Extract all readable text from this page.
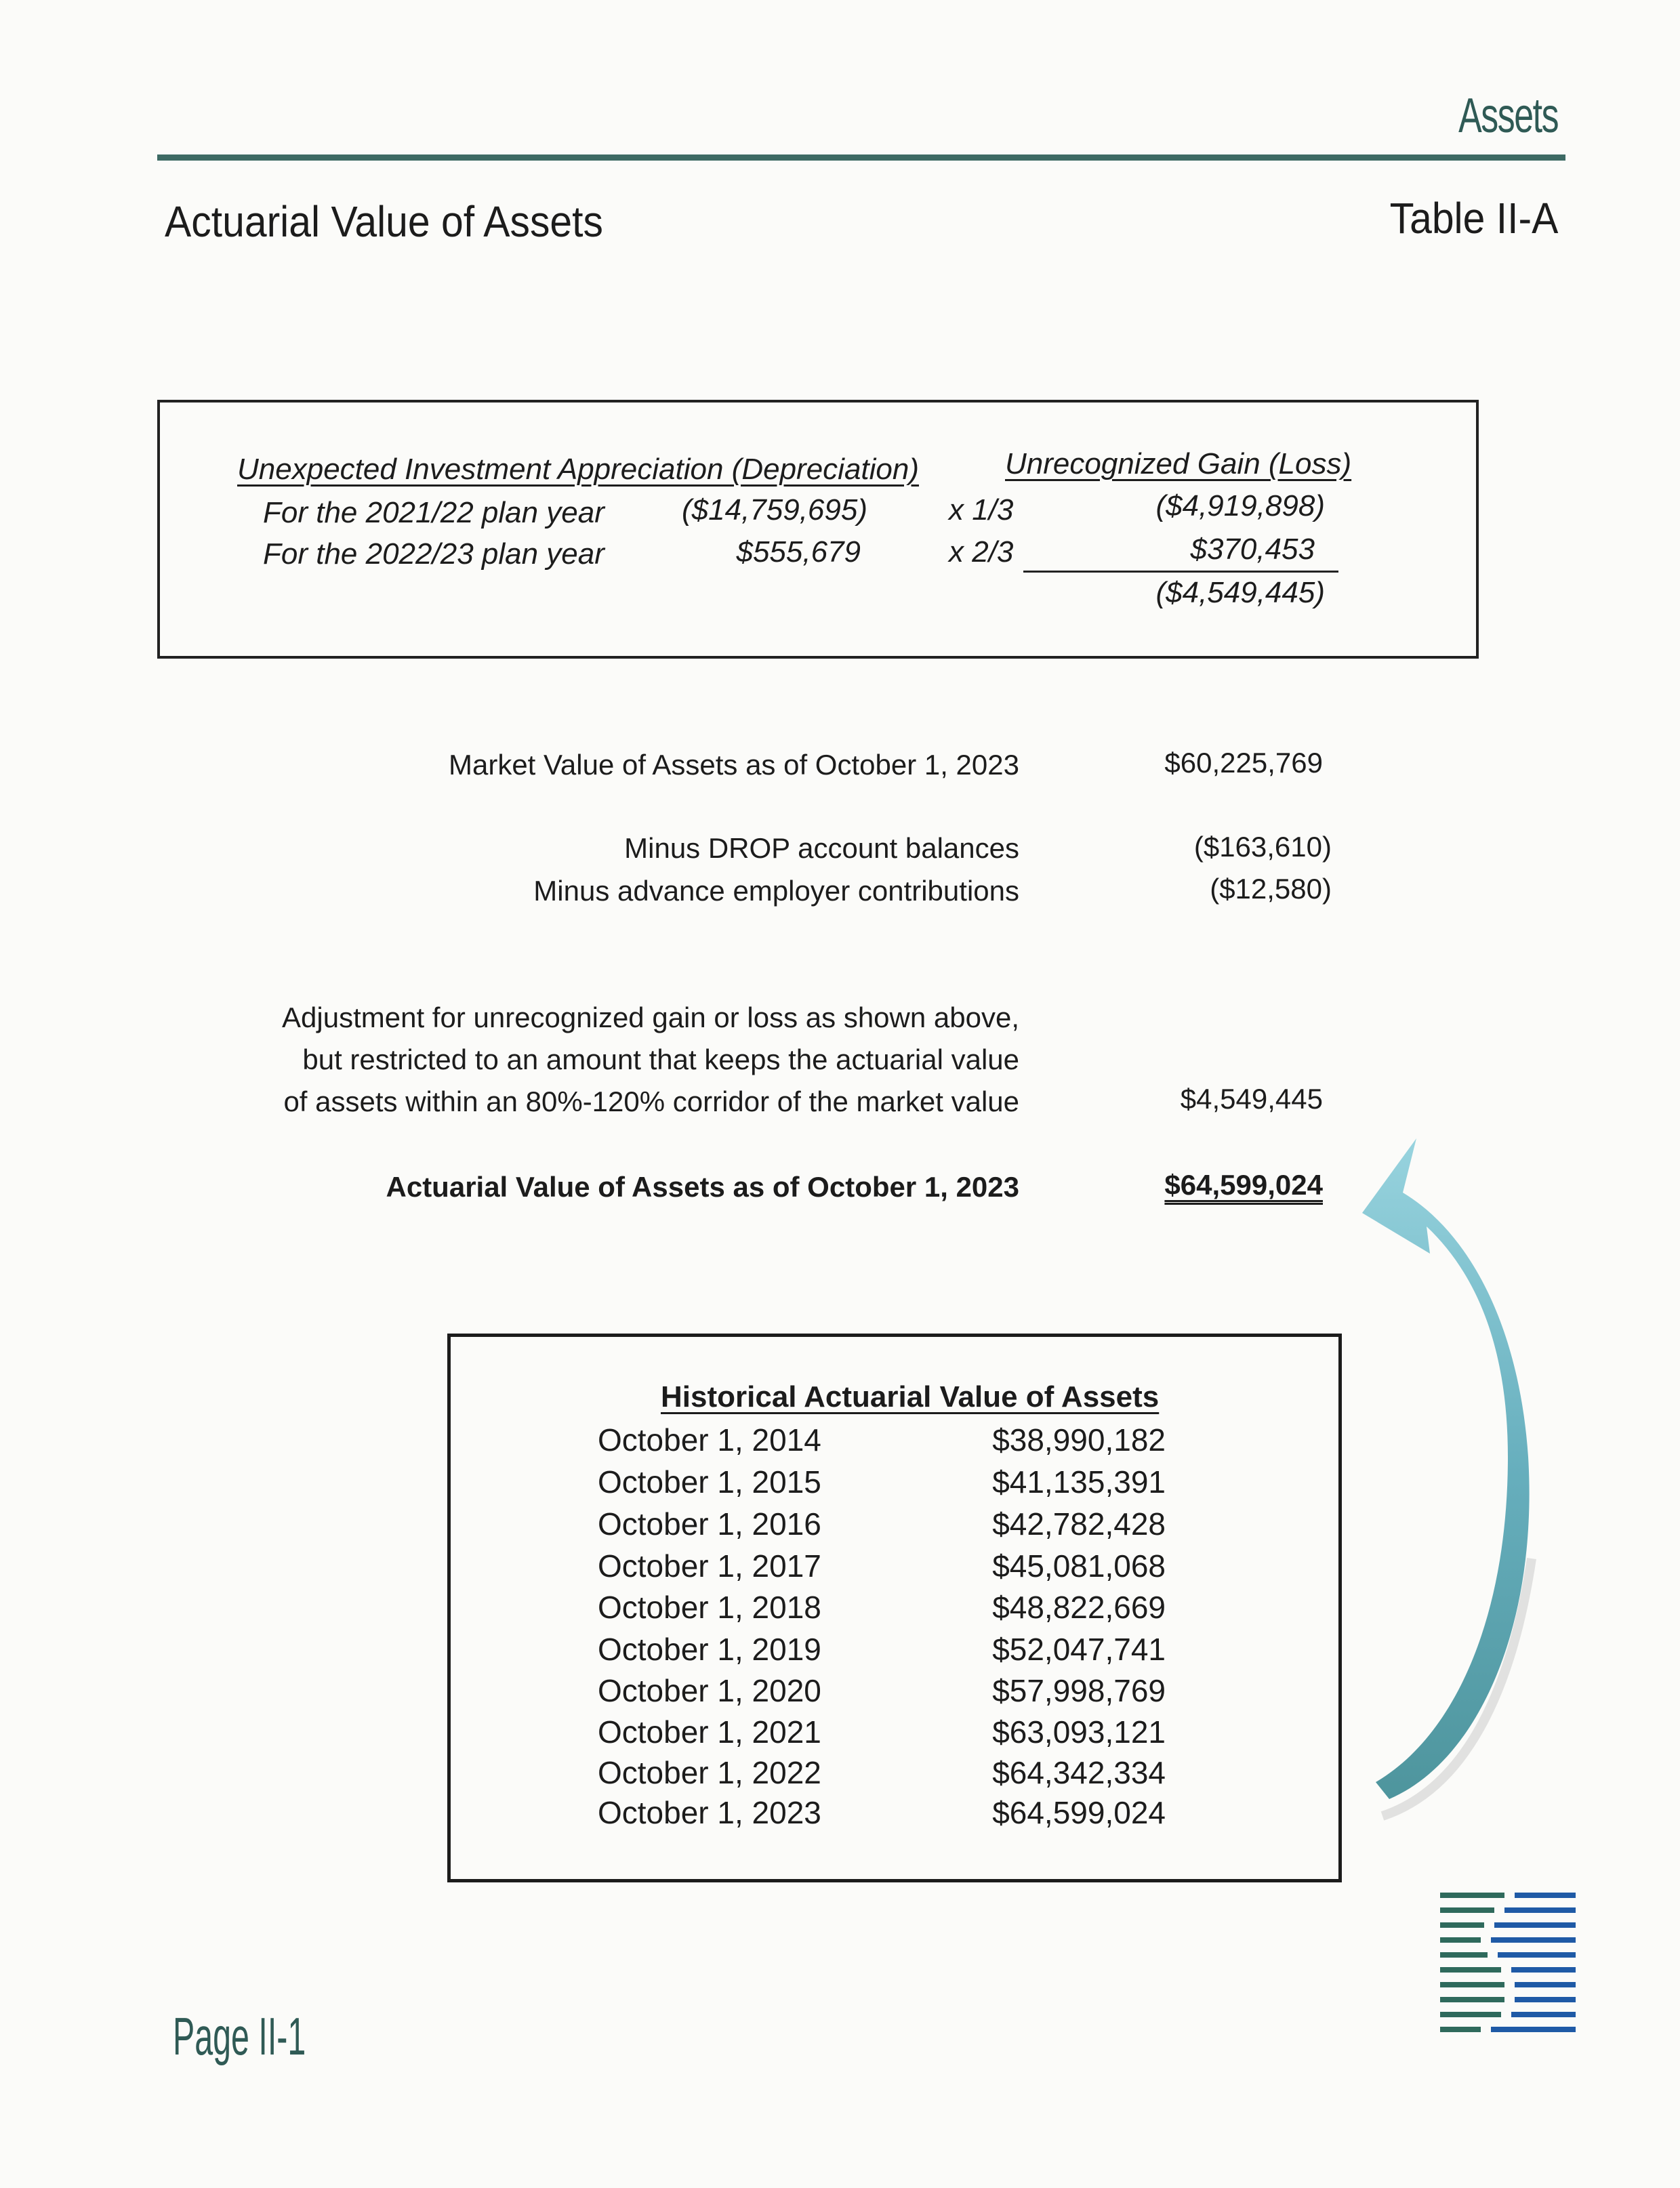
Assets
Actuarial Value of Assets	Table II-A
Unexpected Investment Appreciation (Depreciation)	Unrecognized Gain (Loss)
For the 2021/22 plan year	($14,759,695)	x 1/3	($4,919,898)
For the 2022/23 plan year	$555,679	x 2/3	$370,453
($4,549,445)
Market Value of Assets as of October 1, 2023	$60,225,769
Minus DROP account balances	($163,610)
Minus advance employer contributions	($12,580)
Adjustment for unrecognized gain or loss as shown above,
but restricted to an amount that keeps the actuarial value
of assets within an 80%-120% corridor of the market value	$4,549,445
Actuarial Value of Assets as of October 1, 2023	$64,599,024
Historical Actuarial Value of Assets
October 1, 2014	$38,990,182
October 1, 2015	$41,135,391
October 1, 2016	$42,782,428
October 1, 2017	$45,081,068
October 1, 2018	$48,822,669
October 1, 2019	$52,047,741
October 1, 2020	$57,998,769
October 1, 2021	$63,093,121
October 1, 2022	$64,342,334
October 1, 2023	$64,599,024
Page II-1
